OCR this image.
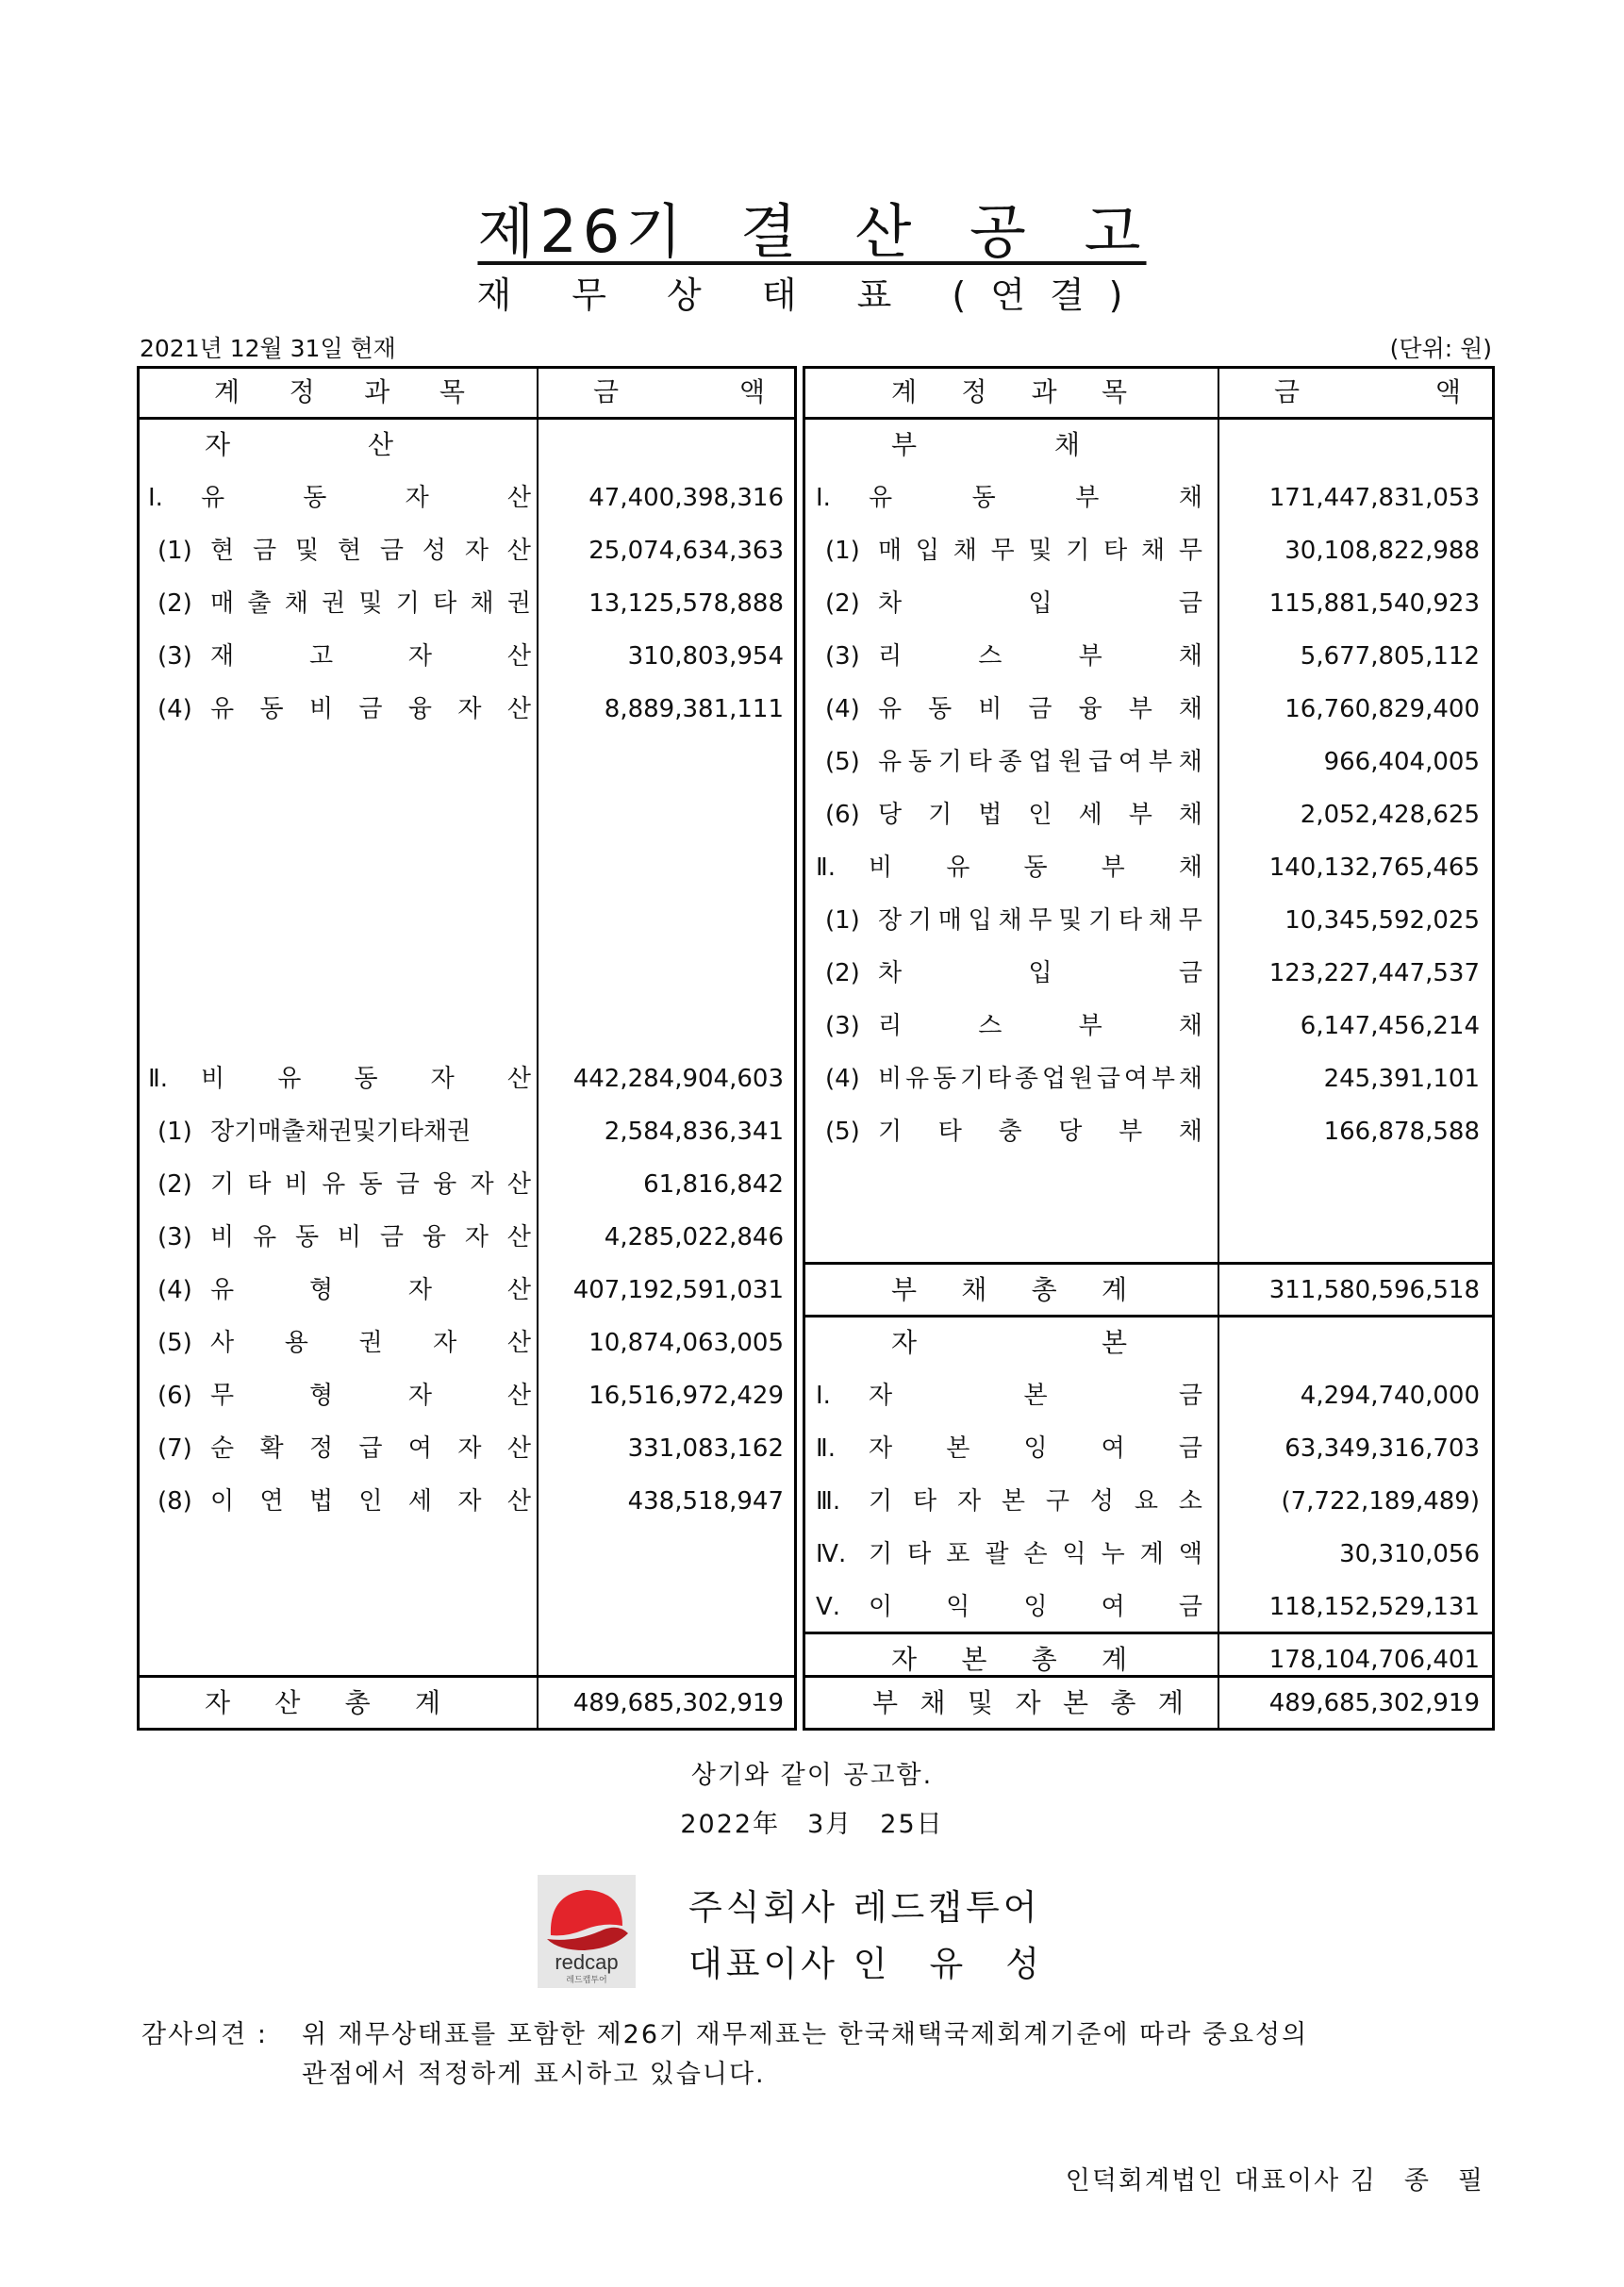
제26기 결 산 공 고
재 무 상 태 표 (연결)
2021년 12월 31일 현재	(단위: 원)
계 정 과 목	금	액	계 정 과 목	금	액
자	산
Ⅰ.	유	동	자	산	47,400,398,316
(1) 현 금 및 현 금 성 자 산	25,074,634,363
(2) 매 출 채 권 및 기 타 채 권	13,125,578,888
(3) 재	고	자	산	310,803,954
(4) 유 동 비 금 융 자 산	8,889,381,111
Ⅱ.	비 유 동 자 산	442,284,904,603
(1) 장기매출채권및기타채권	2,584,836,341
(2) 기 타 비 유 동 금 융 자 산	61,816,842
(3) 비 유 동 비 금 융 자 산	4,285,022,846
(4) 유	형	자	산	407,192,591,031
(5) 사 용 권 자 산	10,874,063,005
(6) 무	형	자	산	16,516,972,429
(7) 순 확 정 급 여 자 산	331,083,162
(8) 이 연 법 인 세 자 산	438,518,947
자 산 총 계	489,685,302,919
부	채
Ⅰ.	유	동	부	채	171,447,831,053
(1) 매 입 채 무 및 기 타 채 무	30,108,822,988
(2) 차	입	금	115,881,540,923
(3) 리	스	부	채	5,677,805,112
(4) 유 동 비 금 융 부 채	16,760,829,400
(5) 유 동 기 타 종 업 원 급 여 부 채	966,404,005
(6) 당 기 법 인 세 부 채	2,052,428,625
Ⅱ.	비 유 동 부 채	140,132,765,465
(1) 장 기 매 입 채 무 및 기 타 채 무	10,345,592,025
(2) 차	입	금	123,227,447,537
(3) 리	스	부	채	6,147,456,214
(4) 비 유 동 기 타 종 업 원 급 여 부 채	245,391,101
(5) 기 타 충 당 부 채	166,878,588
부 채 총 계	311,580,596,518
자	본
Ⅰ.	자	본	금	4,294,740,000
Ⅱ.	자 본 잉 여 금	63,349,316,703
Ⅲ.	기 타 자 본 구 성 요 소	(7,722,189,489)
Ⅳ. 기 타 포 괄 손 익 누 계 액	30,310,056
Ⅴ.	이 익 잉 여 금	118,152,529,131
자 본 총 계	178,104,706,401
부 채 및 자 본 총 계	489,685,302,919
상기와 같이 공고함.
2022年　3月　25日
redcap
레드캡투어
주식회사 레드캡투어
대표이사 인　유　성
감사의견 : 위 재무상태표를 포함한 제26기 재무제표는 한국채택국제회계기준에 따라 중요성의
관점에서 적정하게 표시하고 있습니다.
인덕회계법인 대표이사 김　종　필
